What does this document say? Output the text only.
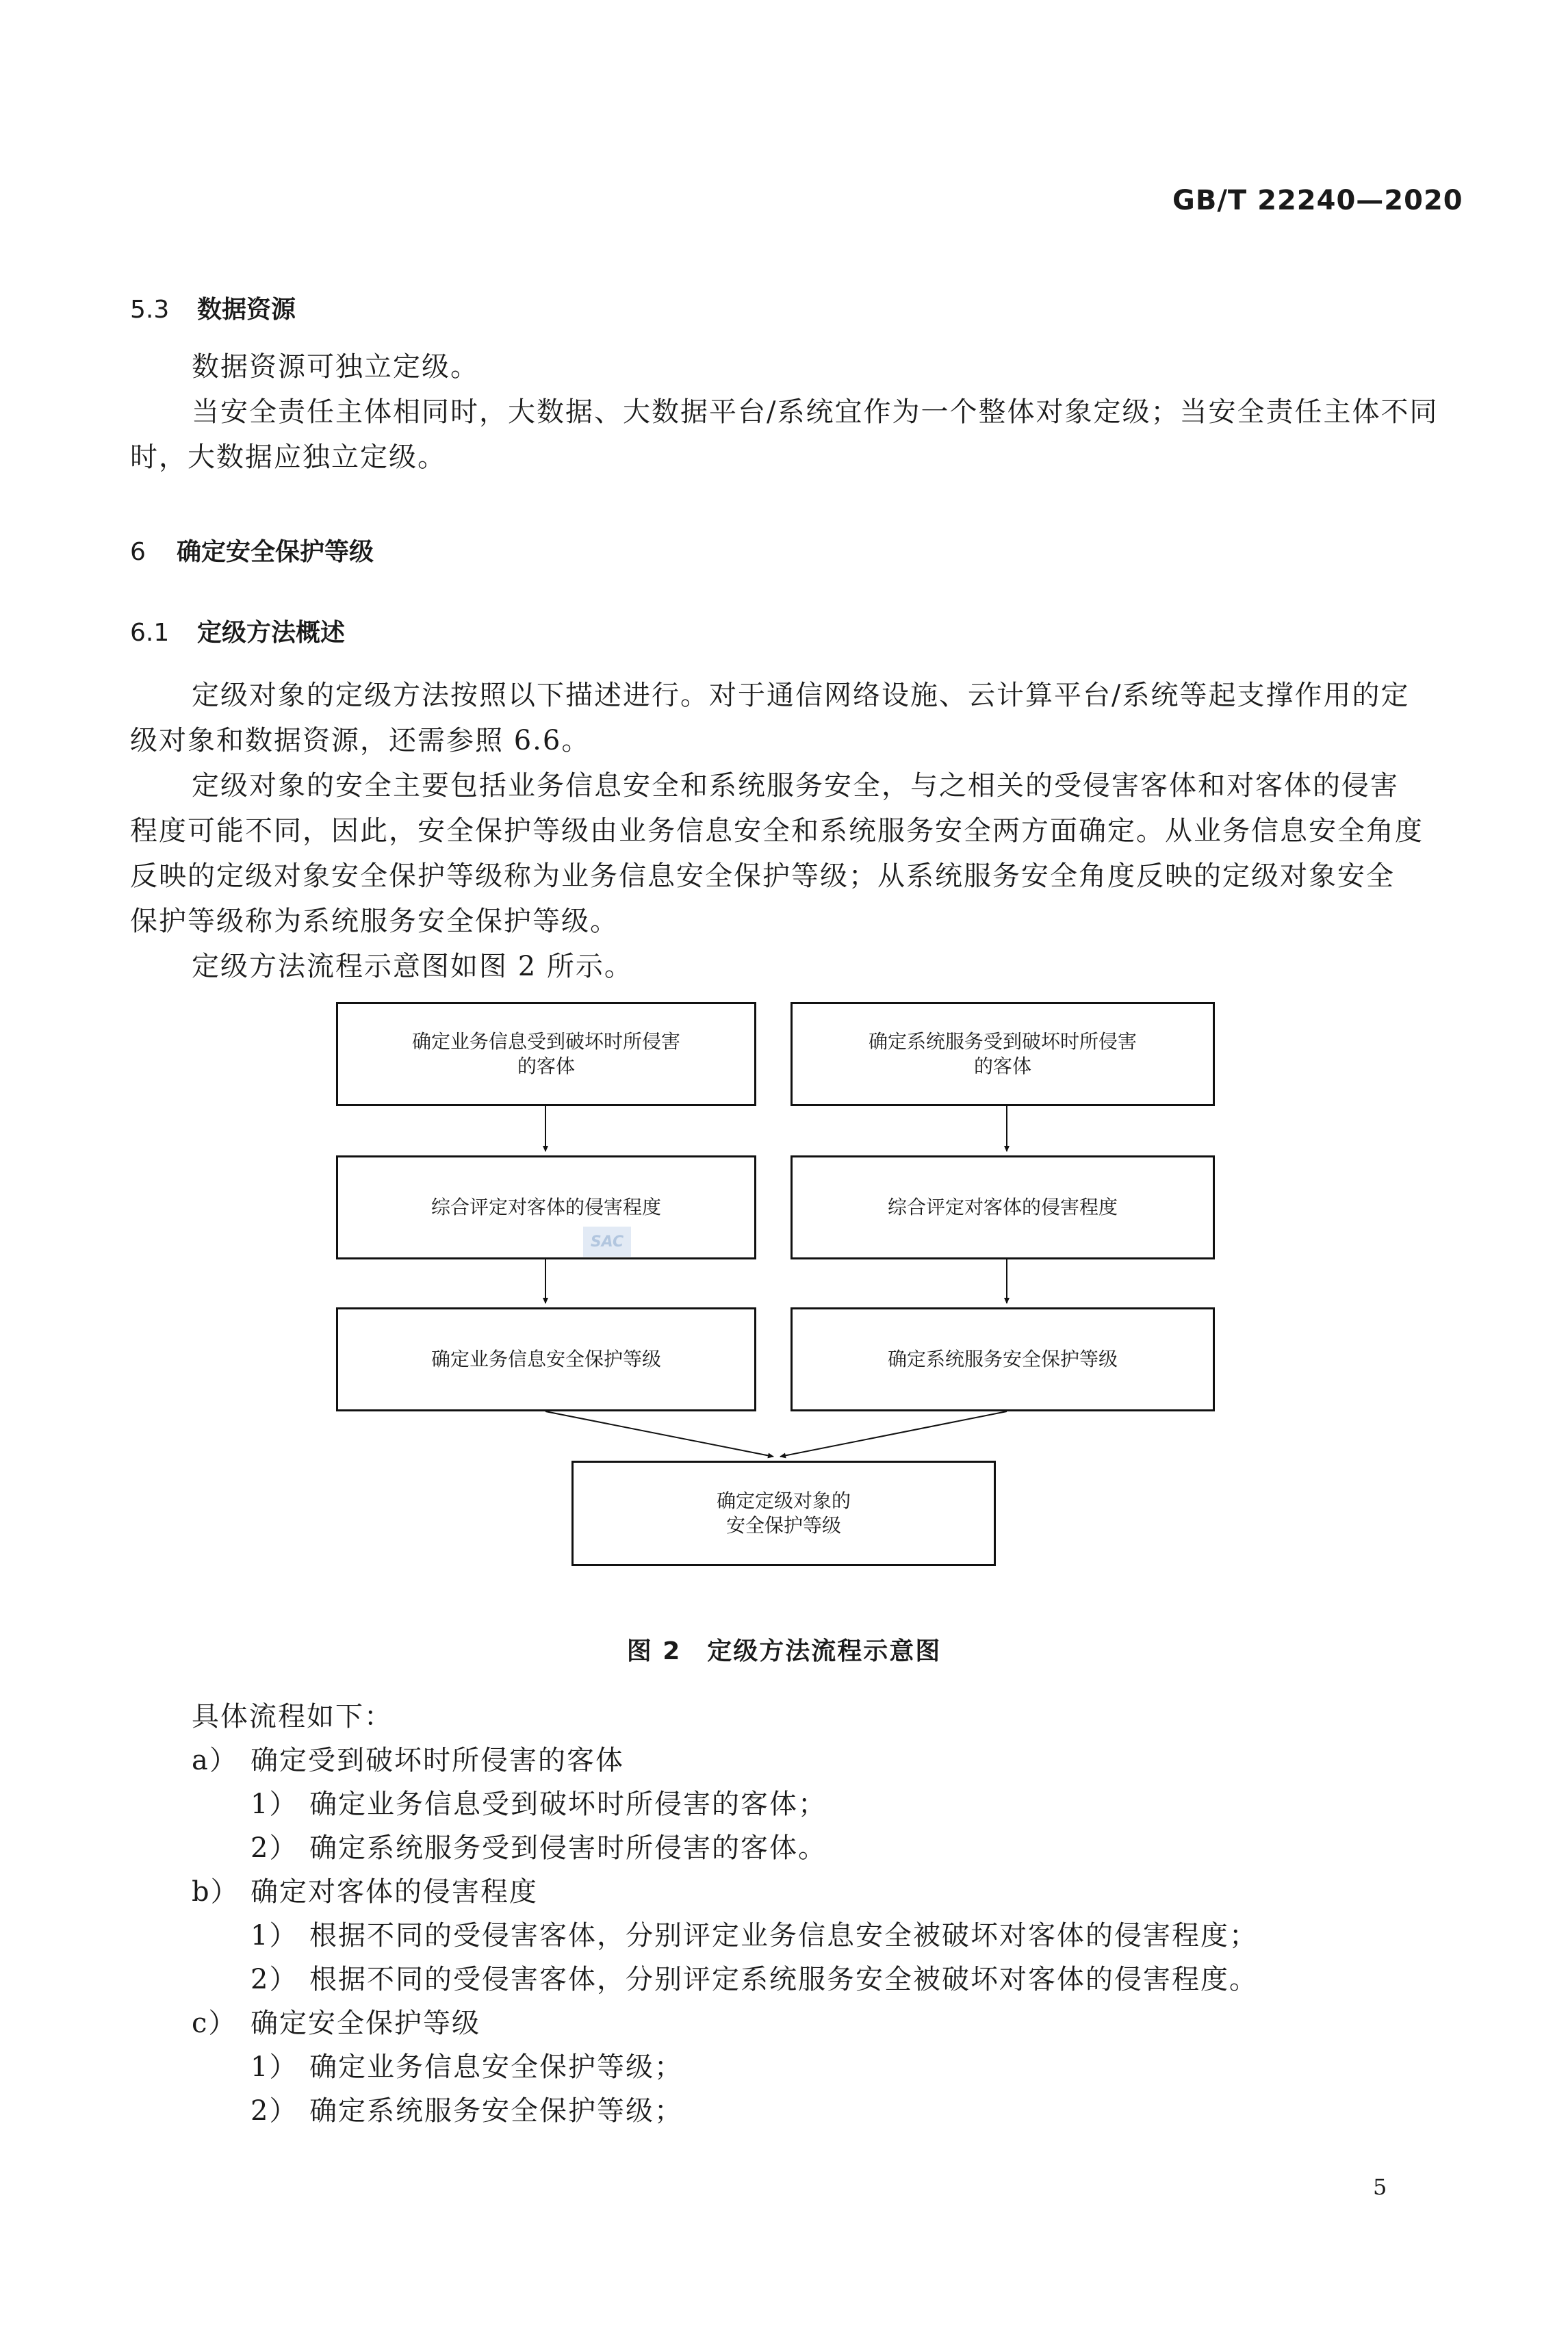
GB/T 22240—2020
5.3 数据资源
数据资源可独立定级。
当安全责任主体相同时，大数据、大数据平台/系统宜作为一个整体对象定级；当安全责任主体不同
时，大数据应独立定级。
6 确定安全保护等级
6.1 定级方法概述
定级对象的定级方法按照以下描述进行。对于通信网络设施、云计算平台/系统等起支撑作用的定
级对象和数据资源，还需参照 6.6。
定级对象的安全主要包括业务信息安全和系统服务安全，与之相关的受侵害客体和对客体的侵害
程度可能不同，因此，安全保护等级由业务信息安全和系统服务安全两方面确定。从业务信息安全角度
反映的定级对象安全保护等级称为业务信息安全保护等级；从系统服务安全角度反映的定级对象安全
保护等级称为系统服务安全保护等级。
定级方法流程示意图如图 2 所示。
确定业务信息受到破坏时所侵害
的客体
确定系统服务受到破坏时所侵害
的客体
综合评定对客体的侵害程度	综合评定对客体的侵害程度
SAC
确定业务信息安全保护等级	确定系统服务安全保护等级
确定定级对象的
安全保护等级
图 2　定级方法流程示意图
具体流程如下：
a） 确定受到破坏时所侵害的客体
1） 确定业务信息受到破坏时所侵害的客体；
2） 确定系统服务受到侵害时所侵害的客体。
b） 确定对客体的侵害程度
1） 根据不同的受侵害客体，分别评定业务信息安全被破坏对客体的侵害程度；
2） 根据不同的受侵害客体，分别评定系统服务安全被破坏对客体的侵害程度。
c） 确定安全保护等级
1） 确定业务信息安全保护等级；
2） 确定系统服务安全保护等级；
5
